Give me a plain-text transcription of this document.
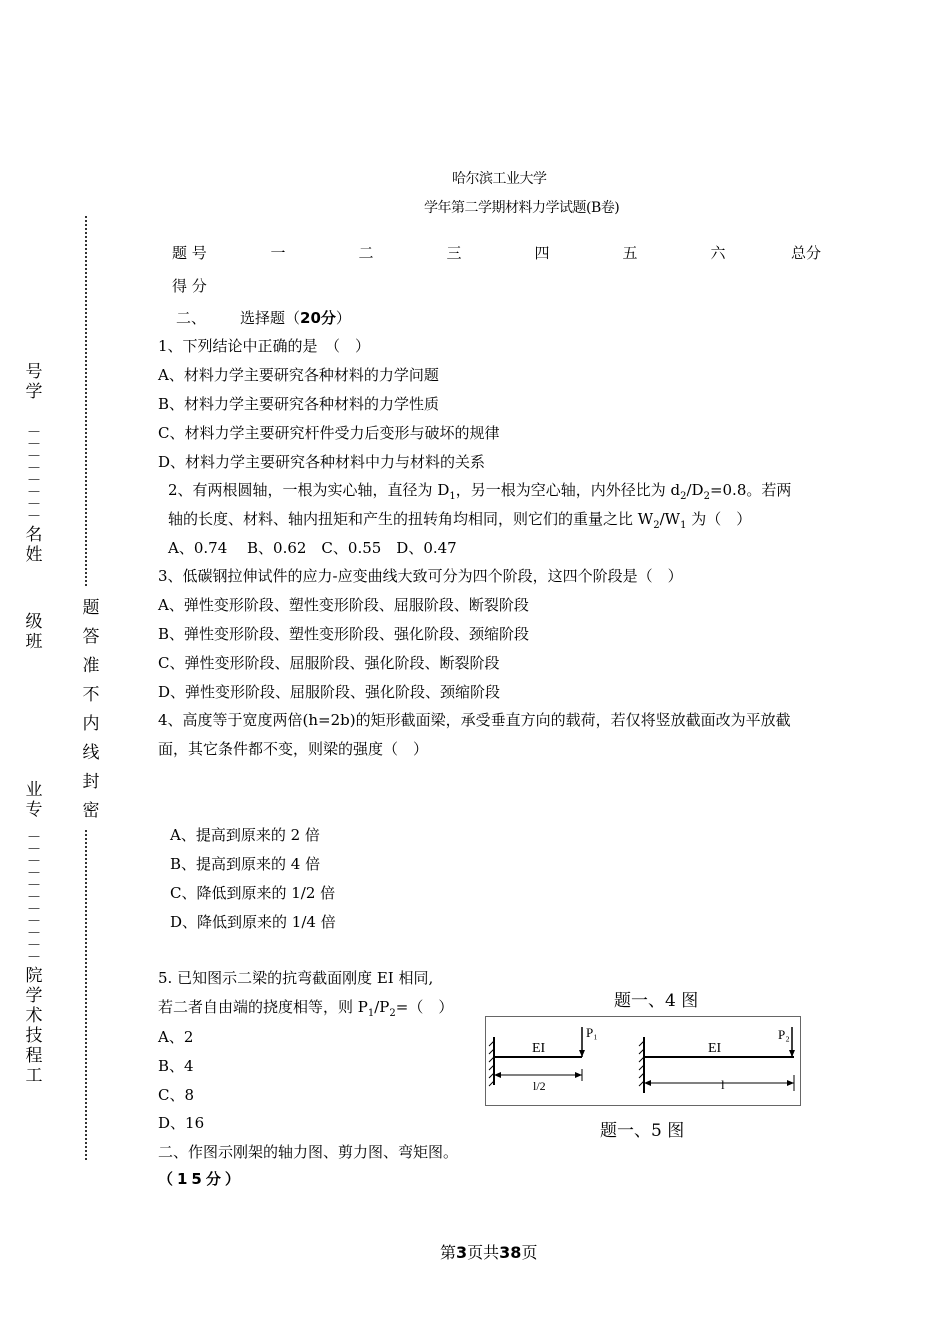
哈尔滨工业大学
学年第二学期材料力学试题(B卷)
号
学
—
—
—
—
—
—
—
—
名
姓
级
班
业
专
—
—
—
—
—
—
—
—
—
—
—
院
学
术
技
程
工
题
答
准
不
内
线
封
密
题 号	一	二	三	四	五	六	总分
得 分							
二、 选择题（20分）
1、下列结论中正确的是　（　）
A、材料力学主要研究各种材料的力学问题
B、材料力学主要研究各种材料的力学性质
C、材料力学主要研究杆件受力后变形与破坏的规律
D、材料力学主要研究各种材料中力与材料的关系
2、有两根圆轴，一根为实心轴，直径为 $D_1$，另一根为空心轴，内外径比为 $d_2/D_2=0.8$。若两
轴的长度、材料、轴内扭矩和产生的扭转角均相同，则它们的重量之比 $W_2/W_1$ 为（　）
A、0.74　 B、0.62　C、0.55　D、0.47
3、低碳钢拉伸试件的应力-应变曲线大致可分为四个阶段，这四个阶段是（　）
A、弹性变形阶段、塑性变形阶段、屈服阶段、断裂阶段
B、弹性变形阶段、塑性变形阶段、强化阶段、颈缩阶段
C、弹性变形阶段、屈服阶段、强化阶段、断裂阶段
D、弹性变形阶段、屈服阶段、强化阶段、颈缩阶段
4、高度等于宽度两倍(h=2b)的矩形截面梁，承受垂直方向的载荷，若仅将竖放截面改为平放截
面，其它条件都不变，则梁的强度（　）
A、提高到原来的 2 倍
B、提高到原来的 4 倍
C、降低到原来的 1/2 倍
D、降低到原来的 1/4 倍
5. 已知图示二梁的抗弯截面刚度 EI 相同,
若二者自由端的挠度相等，则 $P_1/P_2=$（　）
A、2
B、4
C、8
D、16
题一、4 图
题一、5 图
EI
P₁
l/2
EI
P₂
l
二、作图示刚架的轴力图、剪力图、弯矩图。
（15分）
第3页共38页
